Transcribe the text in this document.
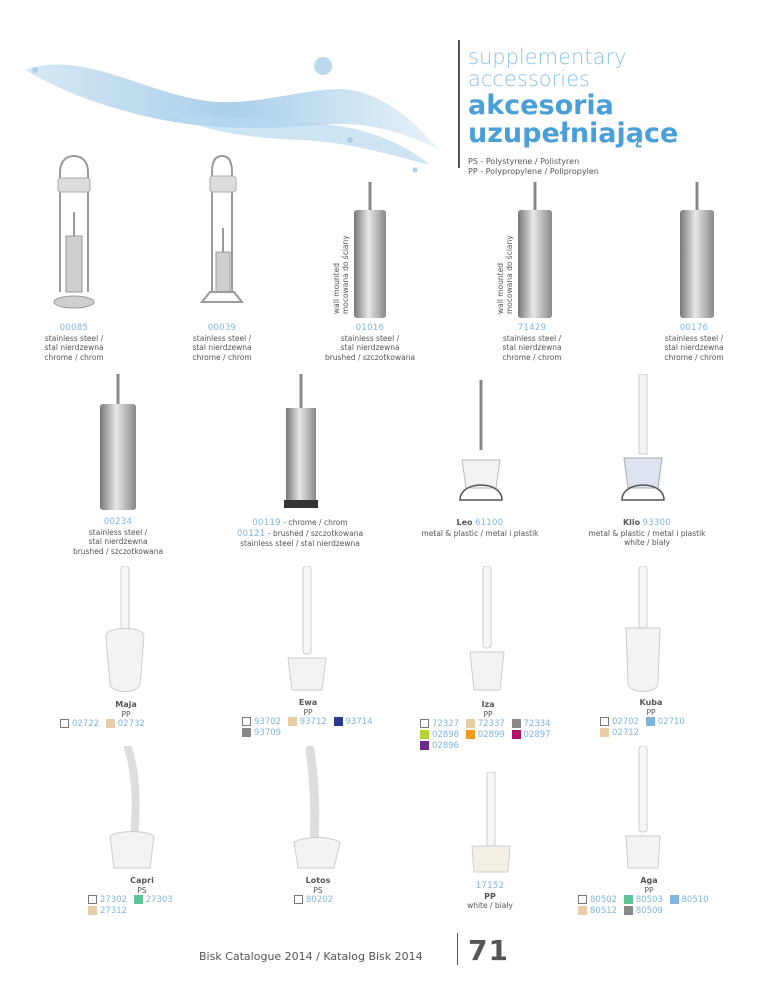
supplementary
accessories
akcesoria
uzupełniające
PS - Polystyrene / Polistyren
PP - Polypropylene / Polipropylen
wall mounted mocowana do ściany	wall mounted mocowana do ściany
00085
stainless steel /
stal nierdzewna
chrome / chrom
00039
stainless steel /
stal nierdzewna
chrome / chrom
01016
stainless steel /
stal nierdzewna
brushed / szczotkowana
71429
stainless steel /
stal nierdzewna
chrome / chrom
00176
stainless steel /
stal nierdzewna
chrome / chrom
00234
stainless steel /
stal nierdzewna
brushed / szczotkowana
00119 - chrome / chrom
00121 - brushed / szczotkowana
stainless steel / stal nierdzewna
Leo 61100
metal & plastic / metal i plastik
Klio 93300
metal & plastic / metal i plastik
white / biały
Maja
PP
02722 02732
Ewa
PP
93702 93712 93714 93709
Iza
PP
72327 72337 72334 02898 02899 02897 02896
Kuba
PP
02702 02710 02712
Capri
PS
27302 27303 27312
Lotos
PS
80202
17152
PP
white / biały
Aga
PP
80502 80503 80510 80512 80509
Bisk Catalogue 2014 / Katalog Bisk 2014 71
